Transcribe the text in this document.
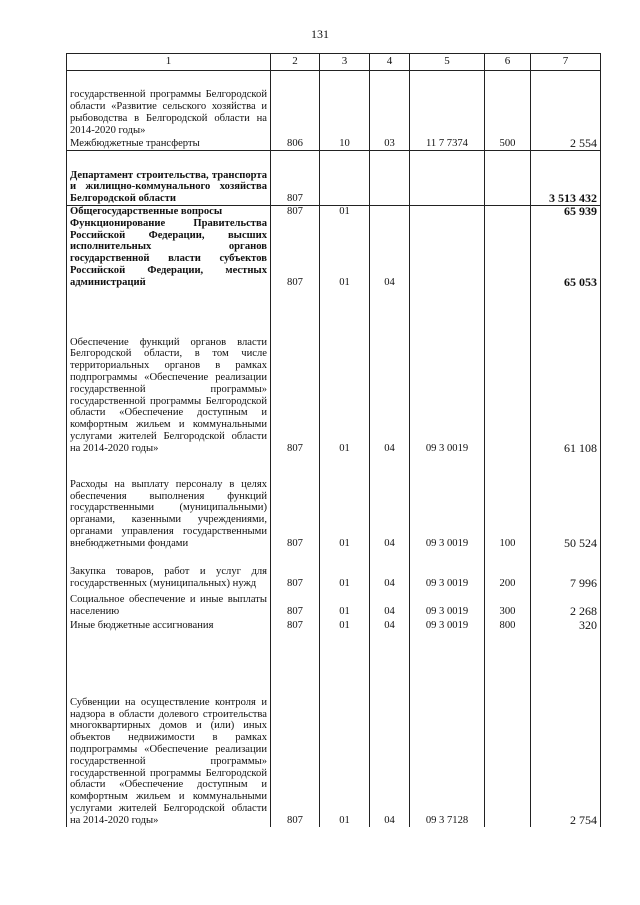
131
1	2	3	4	5	6	7
государственной программы Белгородской области «Развитие сельского хозяйства и рыбоводства в Белгородской области на 2014-2020 годы»						
Межбюджетные трансферты	806	10	03	11 7 7374	500	2 554
Департамент строительства, транспорта и жилищно-коммунального хозяйства Белгородской области	807					3 513 432
Общегосударственные вопросы	807	01				65 939
Функционирование Правительства Российской Федерации, высших исполнительных органов государственной власти субъектов Российской Федерации, местных администраций	807	01	04			65 053
Обеспечение функций органов власти Белгородской области, в том числе территориальных органов в рамках подпрограммы «Обеспечение реализации государственной программы» государственной программы Белгородской области «Обеспечение доступным и комфортным жильем и коммунальными услугами жителей Белгородской области на 2014-2020 годы»	807	01	04	09 3 0019		61 108
Расходы на выплату персоналу в целях обеспечения выполнения функций государственными (муниципальными) органами, казенными учреждениями, органами управления государственными внебюджетными фондами	807	01	04	09 3 0019	100	50 524
Закупка товаров, работ и услуг для государственных (муниципальных) нужд	807	01	04	09 3 0019	200	7 996
Социальное обеспечение и иные выплаты населению	807	01	04	09 3 0019	300	2 268
Иные бюджетные ассигнования	807	01	04	09 3 0019	800	320
Субвенции на осуществление контроля и надзора в области долевого строительства многоквартирных домов и (или) иных объектов недвижимости в рамках подпрограммы «Обеспечение реализации государственной программы» государственной программы Белгородской области «Обеспечение доступным и комфортным жильем и коммунальными услугами жителей Белгородской области на 2014-2020 годы»	807	01	04	09 3 7128		2 754
